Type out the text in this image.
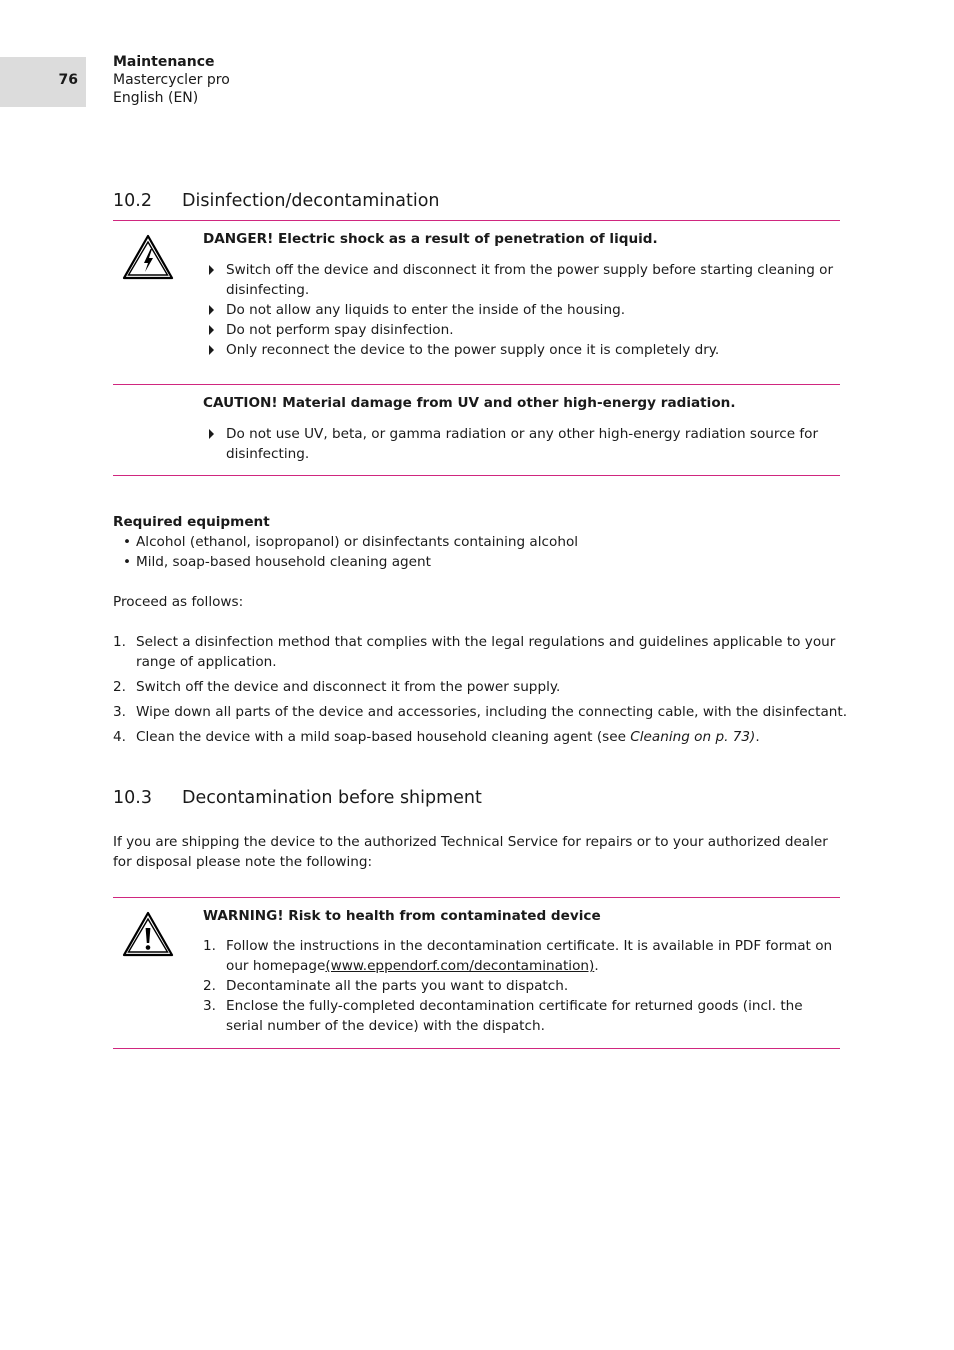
76
Maintenance
Mastercycler pro
English (EN)
10.2 Disinfection/decontamination
DANGER! Electric shock as a result of penetration of liquid.
Switch off the device and disconnect it from the power supply before starting cleaning or disinfecting.
Do not allow any liquids to enter the inside of the housing.
Do not perform spay disinfection.
Only reconnect the device to the power supply once it is completely dry.
CAUTION! Material damage from UV and other high-energy radiation.
Do not use UV, beta, or gamma radiation or any other high-energy radiation source for disinfecting.
Required equipment
• Alcohol (ethanol, isopropanol) or disinfectants containing alcohol
• Mild, soap-based household cleaning agent
Proceed as follows:
1. Select a disinfection method that complies with the legal regulations and guidelines applicable to your range of application.
2. Switch off the device and disconnect it from the power supply.
3. Wipe down all parts of the device and accessories, including the connecting cable, with the disinfectant.
4. Clean the device with a mild soap-based household cleaning agent (see Cleaning on p. 73).
10.3 Decontamination before shipment
If you are shipping the device to the authorized Technical Service for repairs or to your authorized dealer for disposal please note the following:
WARNING! Risk to health from contaminated device
1. Follow the instructions in the decontamination certificate. It is available in PDF format on our homepage(www.eppendorf.com/decontamination).
2. Decontaminate all the parts you want to dispatch.
3. Enclose the fully-completed decontamination certificate for returned goods (incl. the serial number of the device) with the dispatch.
